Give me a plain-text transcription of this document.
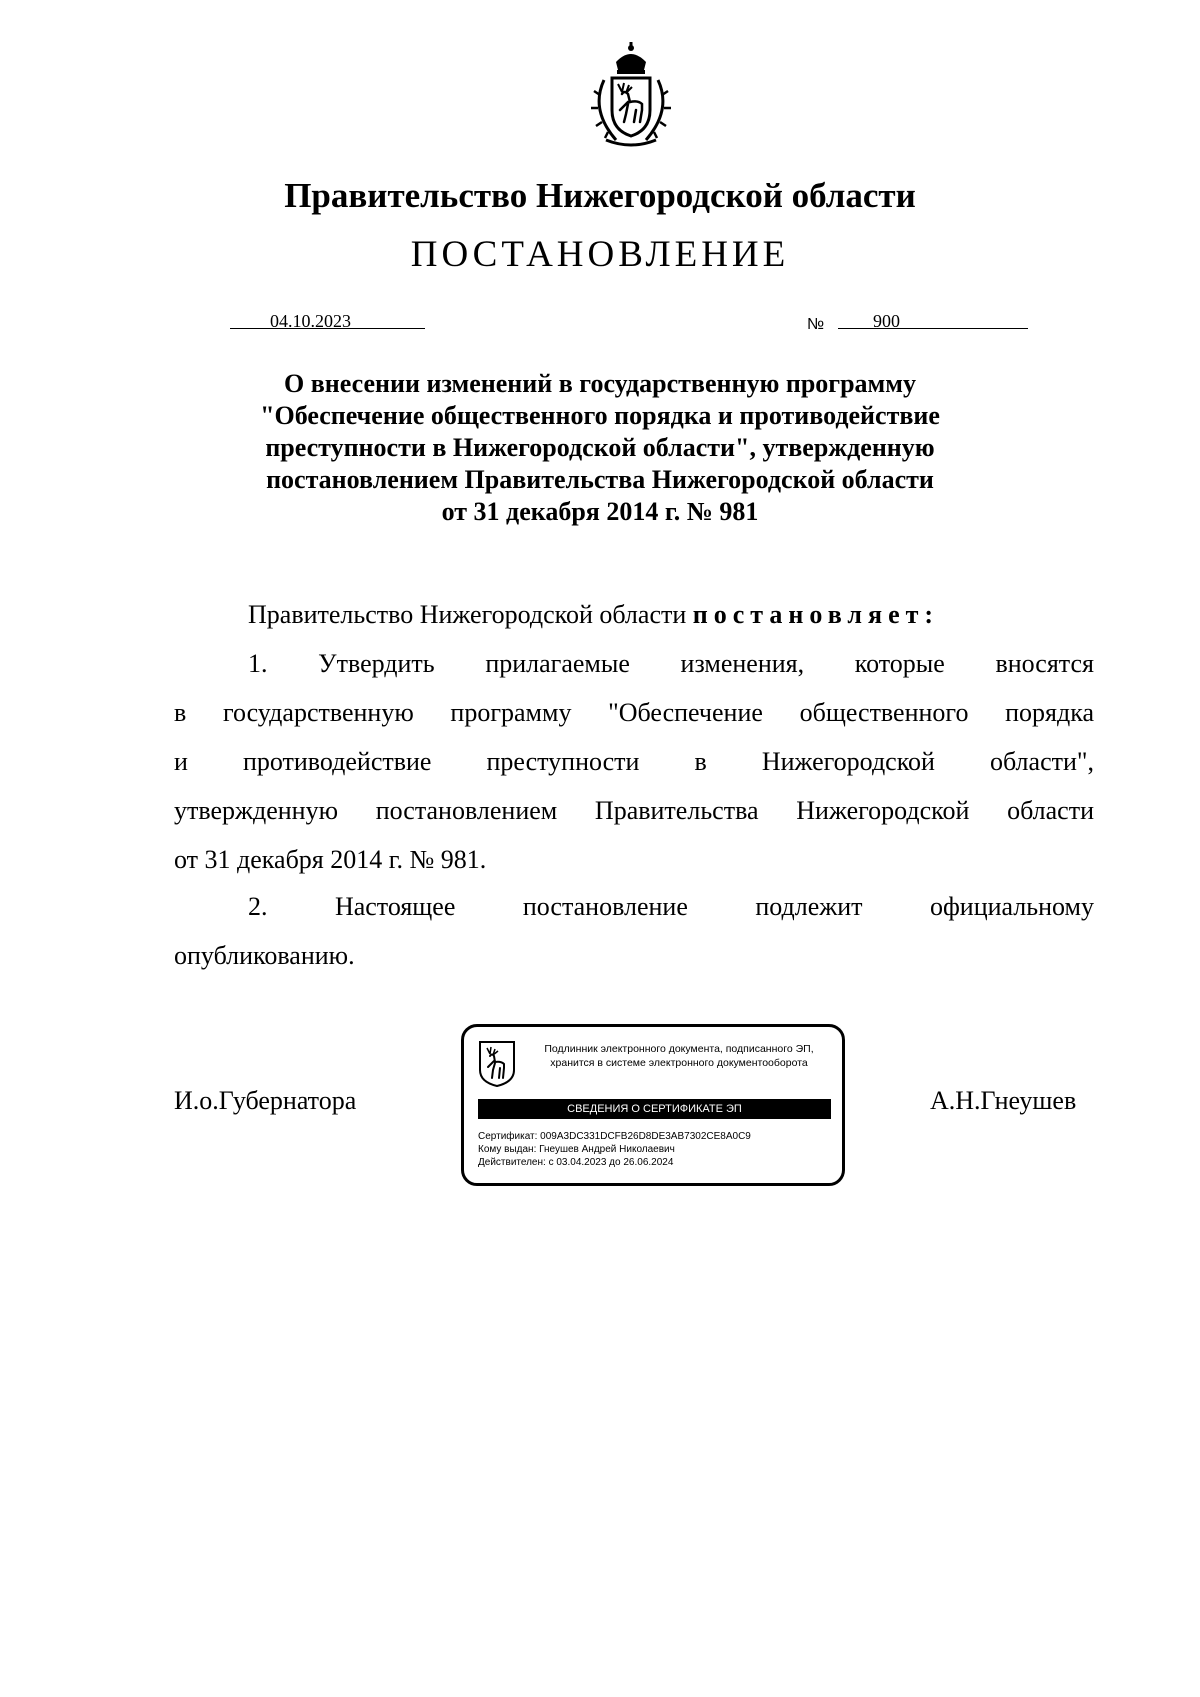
Правительство Нижегородской области
ПОСТАНОВЛЕНИЕ
04.10.2023	№	900
О внесении изменений в государственную программу
"Обеспечение общественного порядка и противодействие
преступности в Нижегородской области", утвержденную
постановлением Правительства Нижегородской области
от 31 декабря 2014 г. № 981
Правительство Нижегородской области постановляет:
1. Утвердить прилагаемые изменения, которые вносятся
в государственную программу "Обеспечение общественного порядка
и противодействие преступности в Нижегородской области",
утвержденную постановлением Правительства Нижегородской области
от 31 декабря 2014 г. № 981.
2. Настоящее постановление подлежит официальному
опубликованию.
И.о.Губернатора	А.Н.Гнеушев
Подлинник электронного документа, подписанного ЭП,
хранится в системе электронного документооборота
СВЕДЕНИЯ О СЕРТИФИКАТЕ ЭП
Сертификат: 009A3DC331DCFB26D8DE3AB7302CE8A0C9
Кому выдан: Гнеушев Андрей Николаевич
Действителен: с 03.04.2023 до 26.06.2024
